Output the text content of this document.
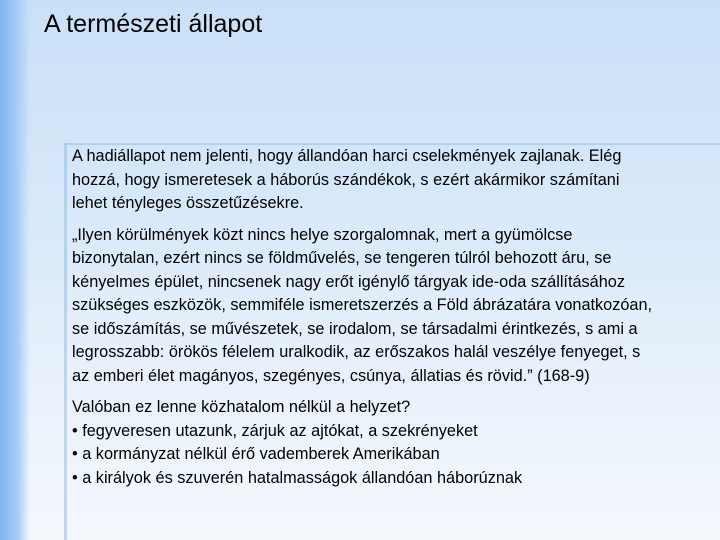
A természeti állapot
A hadiállapot nem jelenti, hogy állandóan harci cselekmények zajlanak. Elég
hozzá, hogy ismeretesek a háborús szándékok, s ezért akármikor számítani
lehet tényleges összetűzésekre.
„Ilyen körülmények közt nincs helye szorgalomnak, mert a gyümölcse
bizonytalan, ezért nincs se földművelés, se tengeren túlról behozott áru, se
kényelmes épület, nincsenek nagy erőt igénylő tárgyak ide-oda szállításához
szükséges eszközök, semmiféle ismeretszerzés a Föld ábrázatára vonatkozóan,
se időszámítás, se művészetek, se irodalom, se társadalmi érintkezés, s ami a
legrosszabb: örökös félelem uralkodik, az erőszakos halál veszélye fenyeget, s
az emberi élet magányos, szegényes, csúnya, állatias és rövid.” (168-9)
Valóban ez lenne közhatalom nélkül a helyzet?
• fegyveresen utazunk, zárjuk az ajtókat, a szekrényeket
• a kormányzat nélkül érő vademberek Amerikában
• a királyok és szuverén hatalmasságok állandóan háborúznak
